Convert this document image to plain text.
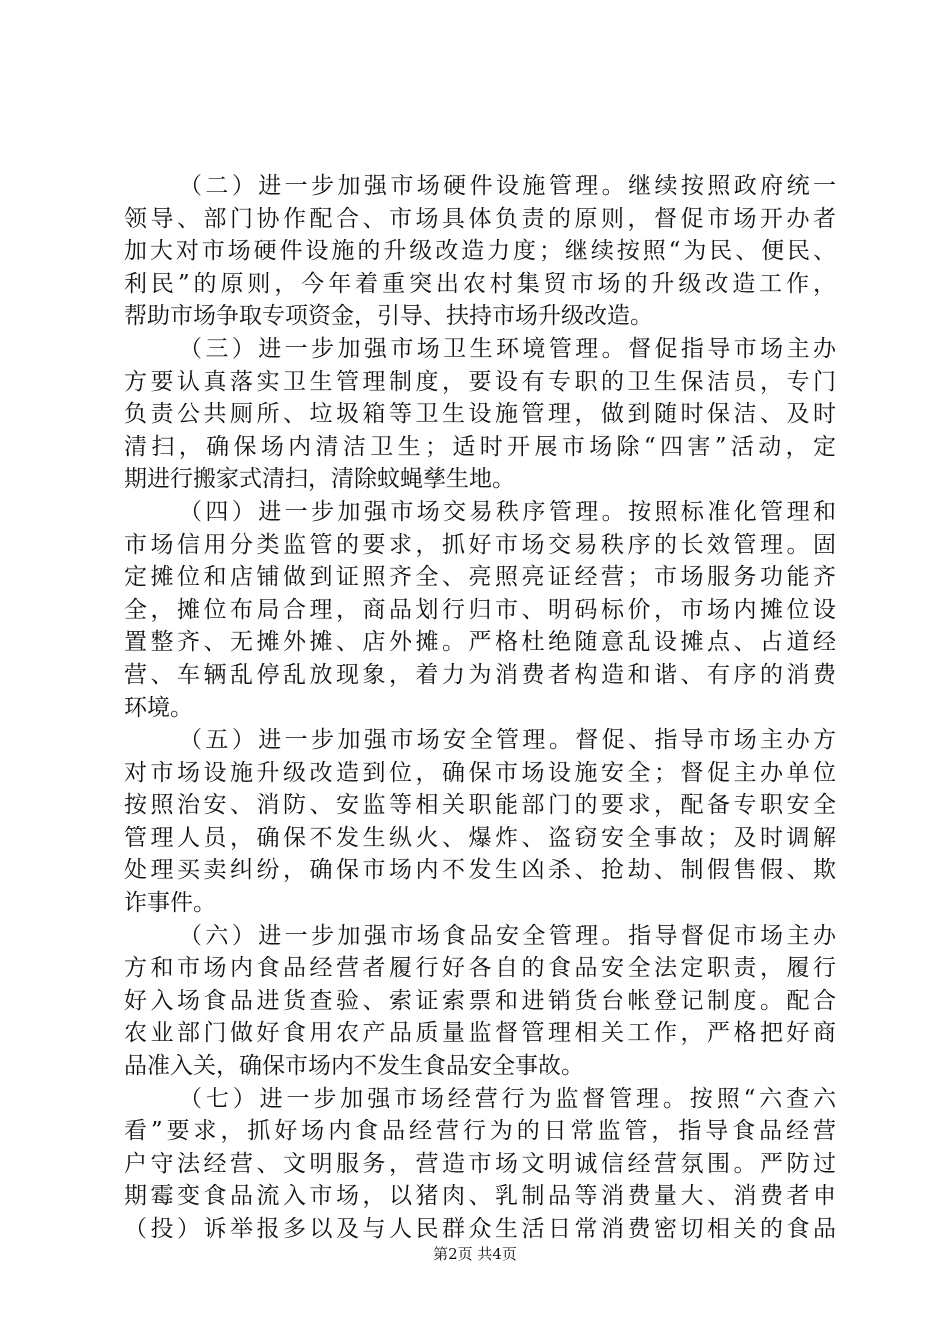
（二）进一步加强市场硬件设施管理。继续按照政府统一
领导、部门协作配合、市场具体负责的原则，督促市场开办者
加大对市场硬件设施的升级改造力度；继续按照“为民、便民、
利民”的原则，今年着重突出农村集贸市场的升级改造工作，
帮助市场争取专项资金，引导、扶持市场升级改造。
（三）进一步加强市场卫生环境管理。督促指导市场主办
方要认真落实卫生管理制度，要设有专职的卫生保洁员，专门
负责公共厕所、垃圾箱等卫生设施管理，做到随时保洁、及时
清扫，确保场内清洁卫生；适时开展市场除“四害”活动，定
期进行搬家式清扫，清除蚊蝇孳生地。
（四）进一步加强市场交易秩序管理。按照标准化管理和
市场信用分类监管的要求，抓好市场交易秩序的长效管理。固
定摊位和店铺做到证照齐全、亮照亮证经营；市场服务功能齐
全，摊位布局合理，商品划行归市、明码标价，市场内摊位设
置整齐、无摊外摊、店外摊。严格杜绝随意乱设摊点、占道经
营、车辆乱停乱放现象，着力为消费者构造和谐、有序的消费
环境。
（五）进一步加强市场安全管理。督促、指导市场主办方
对市场设施升级改造到位，确保市场设施安全；督促主办单位
按照治安、消防、安监等相关职能部门的要求，配备专职安全
管理人员，确保不发生纵火、爆炸、盗窃安全事故；及时调解
处理买卖纠纷，确保市场内不发生凶杀、抢劫、制假售假、欺
诈事件。
（六）进一步加强市场食品安全管理。指导督促市场主办
方和市场内食品经营者履行好各自的食品安全法定职责，履行
好入场食品进货查验、索证索票和进销货台帐登记制度。配合
农业部门做好食用农产品质量监督管理相关工作，严格把好商
品准入关，确保市场内不发生食品安全事故。
（七）进一步加强市场经营行为监督管理。按照“六查六
看”要求，抓好场内食品经营行为的日常监管，指导食品经营
户守法经营、文明服务，营造市场文明诚信经营氛围。严防过
期霉变食品流入市场，以猪肉、乳制品等消费量大、消费者申
（投）诉举报多以及与人民群众生活日常消费密切相关的食品
第2页 共4页
